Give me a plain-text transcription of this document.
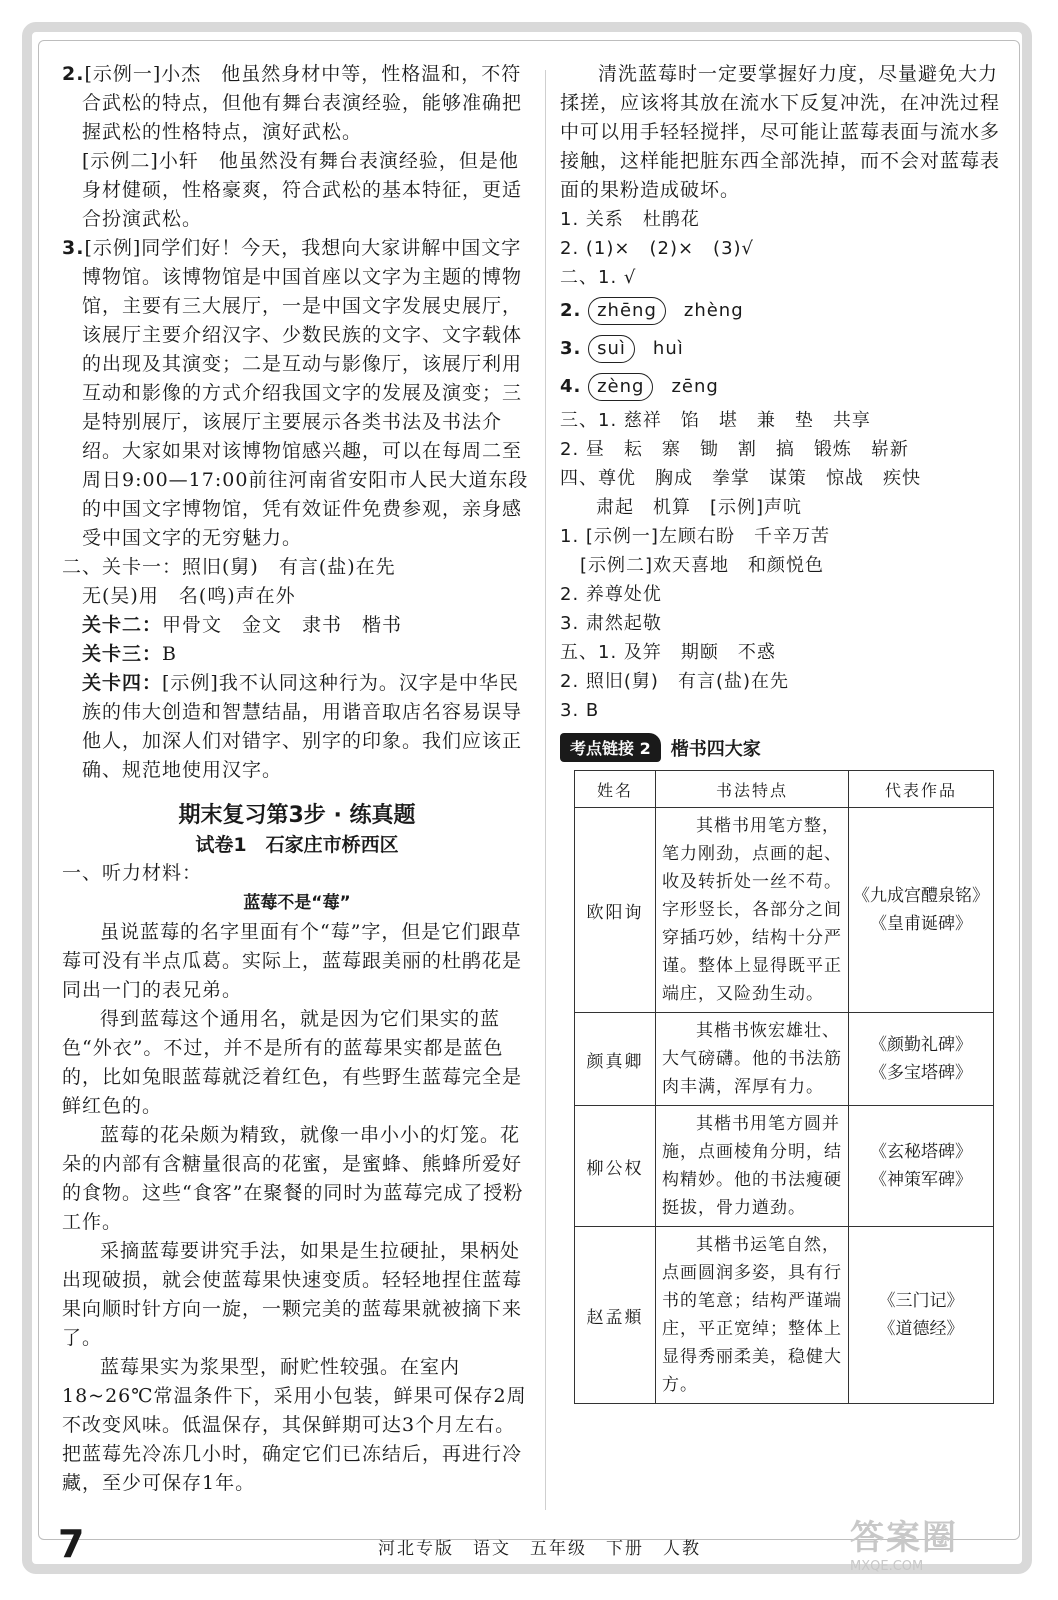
2.[示例一]小杰　他虽然身材中等，性格温和，不符合武松的特点，但他有舞台表演经验，能够准确把握武松的性格特点，演好武松。
[示例二]小轩　他虽然没有舞台表演经验，但是他身材健硕，性格豪爽，符合武松的基本特征，更适合扮演武松。
3.[示例]同学们好！今天，我想向大家讲解中国文字博物馆。该博物馆是中国首座以文字为主题的博物馆，主要有三大展厅，一是中国文字发展史展厅，该展厅主要介绍汉字、少数民族的文字、文字载体的出现及其演变；二是互动与影像厅，该展厅利用互动和影像的方式介绍我国文字的发展及演变；三是特别展厅，该展厅主要展示各类书法及书法介绍。大家如果对该博物馆感兴趣，可以在每周二至周日9:00—17:00前往河南省安阳市人民大道东段的中国文字博物馆，凭有效证件免费参观，亲身感受中国文字的无穷魅力。
二、关卡一：照旧(舅)　有言(盐)在先
无(吴)用　名(鸣)声在外
关卡二：甲骨文　金文　隶书　楷书
关卡三：B
关卡四：[示例]我不认同这种行为。汉字是中华民族的伟大创造和智慧结晶，用谐音取店名容易误导他人，加深人们对错字、别字的印象。我们应该正确、规范地使用汉字。
期末复习第3步 · 练真题
试卷1　石家庄市桥西区
一、听力材料：
蓝莓不是“莓”
虽说蓝莓的名字里面有个“莓”字，但是它们跟草莓可没有半点瓜葛。实际上，蓝莓跟美丽的杜鹃花是同出一门的表兄弟。
得到蓝莓这个通用名，就是因为它们果实的蓝色“外衣”。不过，并不是所有的蓝莓果实都是蓝色的，比如兔眼蓝莓就泛着红色，有些野生蓝莓完全是鲜红色的。
蓝莓的花朵颇为精致，就像一串小小的灯笼。花朵的内部有含糖量很高的花蜜，是蜜蜂、熊蜂所爱好的食物。这些“食客”在聚餐的同时为蓝莓完成了授粉工作。
采摘蓝莓要讲究手法，如果是生拉硬扯，果柄处出现破损，就会使蓝莓果快速变质。轻轻地捏住蓝莓果向顺时针方向一旋，一颗完美的蓝莓果就被摘下来了。
蓝莓果实为浆果型，耐贮性较强。在室内18~26℃常温条件下，采用小包装，鲜果可保存2周不改变风味。低温保存，其保鲜期可达3个月左右。把蓝莓先冷冻几小时，确定它们已冻结后，再进行冷藏，至少可保存1年。
清洗蓝莓时一定要掌握好力度，尽量避免大力揉搓，应该将其放在流水下反复冲洗，在冲洗过程中可以用手轻轻搅拌，尽可能让蓝莓表面与流水多接触，这样能把脏东西全部洗掉，而不会对蓝莓表面的果粉造成破坏。

1. 关系　杜鹃花

2. (1)×　(2)×　(3)√

二、1. √

2. zhēng zhèng

3. suì huì

4. zèng zēng

三、1. 慈祥　馅　堪　兼　垫　共享

2. 昼　耘　寨　锄　割　搞　锻炼　崭新

四、尊优　胸成　拳掌　谋策　惊战　疾快

肃起　机算　[示例]声吭

1. [示例一]左顾右盼　千辛万苦

[示例二]欢天喜地　和颜悦色

2. 养尊处优

3. 肃然起敬

五、1. 及笄　期颐　不惑

2. 照旧(舅)　有言(盐)在先

3. B

考点链接 2	楷书四大家
姓名	书法特点	代表作品
欧阳询	其楷书用笔方整，笔力刚劲，点画的起、收及转折处一丝不苟。字形竖长，各部分之间穿插巧妙，结构十分严谨。整体上显得既平正端庄，又险劲生动。	《九成宫醴泉铭》
《皇甫诞碑》

颜真卿	其楷书恢宏雄壮、大气磅礴。他的书法筋肉丰满，浑厚有力。	《颜勤礼碑》
《多宝塔碑》

柳公权	其楷书用笔方圆并施，点画棱角分明，结构精妙。他的书法瘦硬挺拔，骨力遒劲。	《玄秘塔碑》
《神策军碑》

赵孟頫	其楷书运笔自然，点画圆润多姿，具有行书的笔意；结构严谨端庄，平正宽绰；整体上显得秀丽柔美，稳健大方。	《三门记》
《道德经》
7	河北专版　语文　五年级　下册　人教	答案圈
MXQE.COM
